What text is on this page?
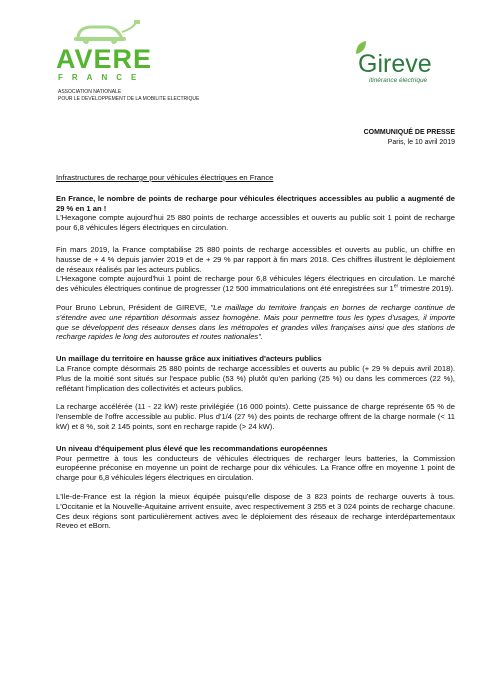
AVERE
FRANCE
ASSOCIATION NATIONALE
POUR LE DEVELOPPEMENT DE LA MOBILITE ELECTRIQUE
Gireve
itinérance électrique
COMMUNIQUÉ DE PRESSE
Paris, le 10 avril 2019

Infrastructures de recharge pour véhicules électriques en France

En France, le nombre de points de recharge pour véhicules électriques accessibles au public a augmenté de 29 % en 1 an !

L'Hexagone compte aujourd'hui 25 880 points de recharge accessibles et ouverts au public soit 1 point de recharge pour 6,8 véhicules légers électriques en circulation.

Fin mars 2019, la France comptabilise 25 880 points de recharge accessibles et ouverts au public, un chiffre en hausse de + 4 % depuis janvier 2019 et de + 29 % par rapport à fin mars 2018. Ces chiffres illustrent le déploiement de réseaux réalisés par les acteurs publics.

L'Hexagone compte aujourd'hui 1 point de recharge pour 6,8 véhicules légers électriques en circulation. Le marché des véhicules électriques continue de progresser (12 500 immatriculations ont été enregistrées sur 1er trimestre 2019).

Pour Bruno Lebrun, Président de GIREVE, "Le maillage du territoire français en bornes de recharge continue de s'étendre avec une répartition désormais assez homogène. Mais pour permettre tous les types d'usages, il importe que se développent des réseaux denses dans les métropoles et grandes villes françaises ainsi que des stations de recharge rapides le long des autoroutes et routes nationales".

Un maillage du territoire en hausse grâce aux initiatives d'acteurs publics

La France compte désormais 25 880 points de recharge accessibles et ouverts au public (+ 29 % depuis avril 2018). Plus de la moitié sont situés sur l'espace public (53 %) plutôt qu'en parking (25 %) ou dans les commerces (22 %), reflétant l'implication des collectivités et acteurs publics.

La recharge accélérée (11 - 22 kW) reste privilégiée (16 000 points). Cette puissance de charge représente 65 % de l'ensemble de l'offre accessible au public. Plus d'1/4 (27 %) des points de recharge offrent de la charge normale (< 11 kW) et 8 %, soit 2 145 points, sont en recharge rapide (> 24 kW).

Un niveau d'équipement plus élevé que les recommandations européennes

Pour permettre à tous les conducteurs de véhicules électriques de recharger leurs batteries, la Commission européenne préconise en moyenne un point de recharge pour dix véhicules. La France offre en moyenne 1 point de charge pour 6,8 véhicules légers électriques en circulation.

L'Ile-de-France est la région la mieux équipée puisqu'elle dispose de 3 823 points de recharge ouverts à tous. L'Occitanie et la Nouvelle-Aquitaine arrivent ensuite, avec respectivement 3 255 et 3 024 points de recharge chacune. Ces deux régions sont particulièrement actives avec le déploiement des réseaux de recharge interdépartementaux Reveo et eBorn.
